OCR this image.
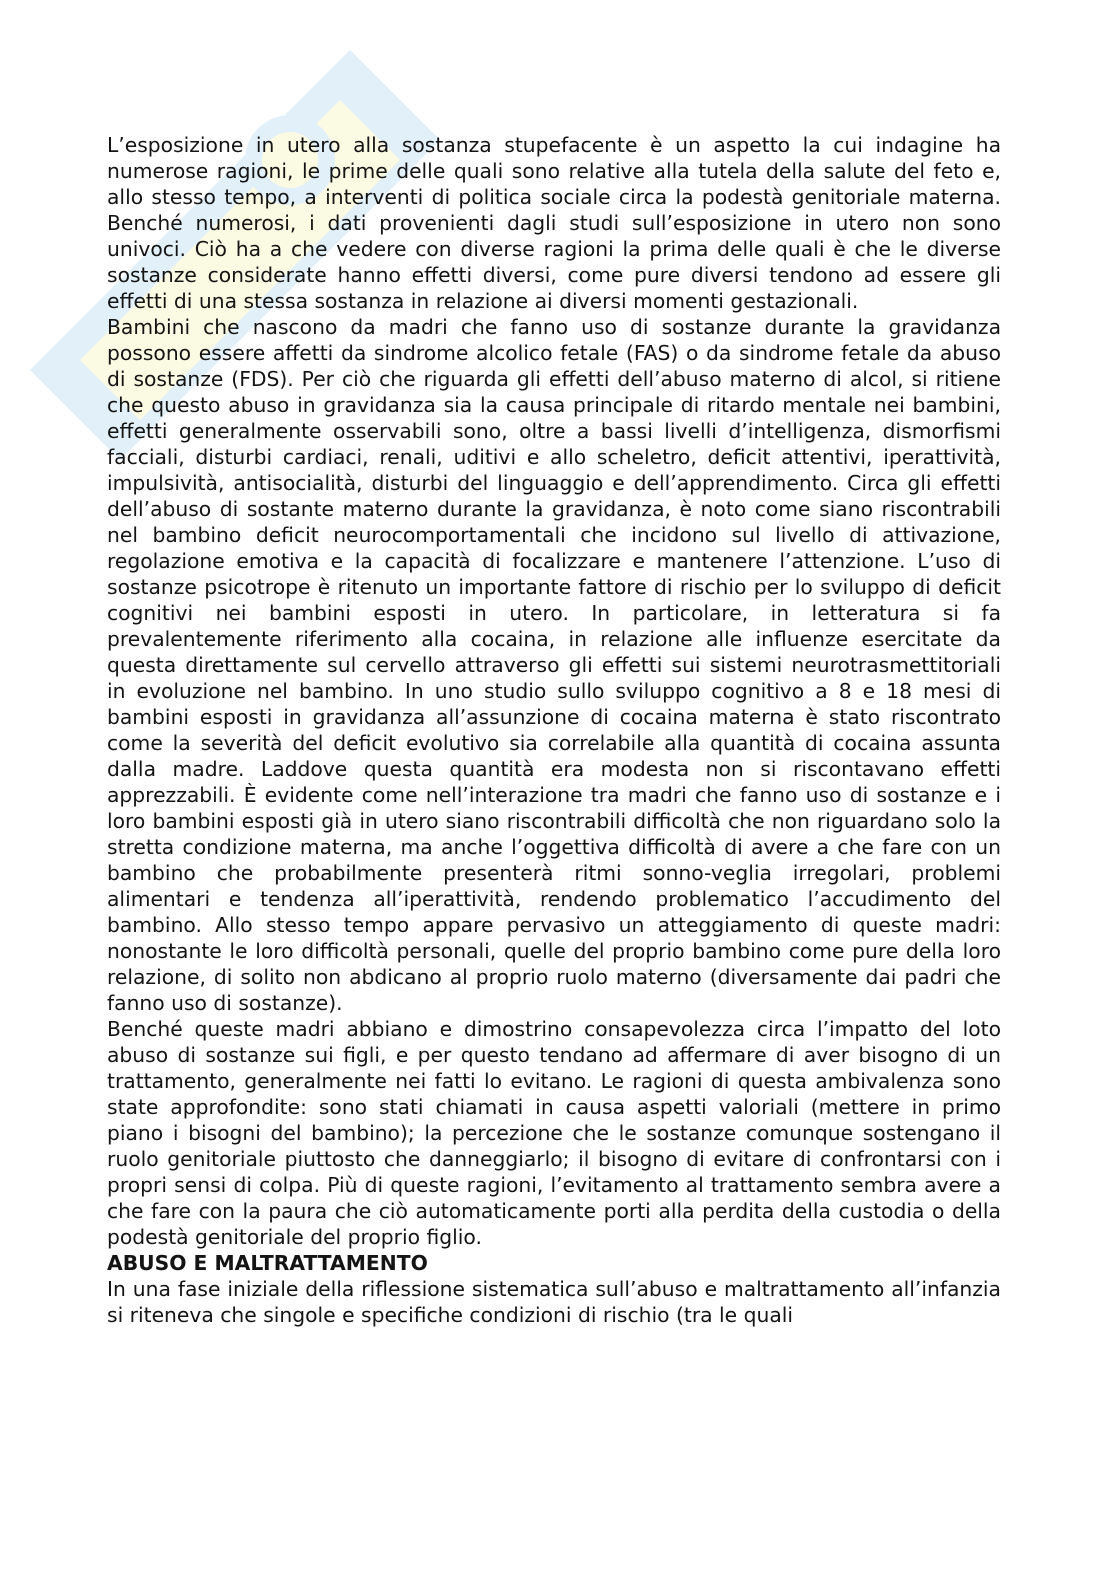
L’esposizione in utero alla sostanza stupefacente è un aspetto la cui indagine ha numerose ragioni, le prime delle quali sono relative alla tutela della salute del feto e, allo stesso tempo, a interventi di politica sociale circa la podestà genitoriale materna. Benché numerosi, i dati provenienti dagli studi sull’esposizione in utero non sono univoci. Ciò ha a che vedere con diverse ragioni la prima delle quali è che le diverse sostanze considerate hanno effetti diversi, come pure diversi tendono ad essere gli effetti di una stessa sostanza in relazione ai diversi momenti gestazionali.

Bambini che nascono da madri che fanno uso di sostanze durante la gravidanza possono essere affetti da sindrome alcolico fetale (FAS) o da sindrome fetale da abuso di sostanze (FDS). Per ciò che riguarda gli effetti dell’abuso materno di alcol, si ritiene che questo abuso in gravidanza sia la causa principale di ritardo mentale nei bambini, effetti generalmente osservabili sono, oltre a bassi livelli d’intelligenza, dismorfismi facciali, disturbi cardiaci, renali, uditivi e allo scheletro, deficit attentivi, iperattività, impulsività, antisocialità, disturbi del linguaggio e dell’apprendimento. Circa gli effetti dell’abuso di sostante materno durante la gravidanza, è noto come siano riscontrabili nel bambino deficit neurocomportamentali che incidono sul livello di attivazione, regolazione emotiva e la capacità di focalizzare e mantenere l’attenzione. L’uso di sostanze psicotrope è ritenuto un importante fattore di rischio per lo sviluppo di deficit cognitivi nei bambini esposti in utero. In particolare, in letteratura si fa prevalentemente riferimento alla cocaina, in relazione alle influenze esercitate da questa direttamente sul cervello attraverso gli effetti sui sistemi neurotrasmettitoriali in evoluzione nel bambino. In uno studio sullo sviluppo cognitivo a 8 e 18 mesi di bambini esposti in gravidanza all’assunzione di cocaina materna è stato riscontrato come la severità del deficit evolutivo sia correlabile alla quantità di cocaina assunta dalla madre. Laddove questa quantità era modesta non si riscontavano effetti apprezzabili. È evidente come nell’interazione tra madri che fanno uso di sostanze e i loro bambini esposti già in utero siano riscontrabili difficoltà che non riguardano solo la stretta condizione materna, ma anche l’oggettiva difficoltà di avere a che fare con un bambino che probabilmente presenterà ritmi sonno-veglia irregolari, problemi alimentari e tendenza all’iperattività, rendendo problematico l’accudimento del bambino. Allo stesso tempo appare pervasivo un atteggiamento di queste madri: nonostante le loro difficoltà personali, quelle del proprio bambino come pure della loro relazione, di solito non abdicano al proprio ruolo materno (diversamente dai padri che fanno uso di sostanze).

Benché queste madri abbiano e dimostrino consapevolezza circa l’impatto del loto abuso di sostanze sui figli, e per questo tendano ad affermare di aver bisogno di un trattamento, generalmente nei fatti lo evitano. Le ragioni di questa ambivalenza sono state approfondite: sono stati chiamati in causa aspetti valoriali (mettere in primo piano i bisogni del bambino); la percezione che le sostanze comunque sostengano il ruolo genitoriale piuttosto che danneggiarlo; il bisogno di evitare di confrontarsi con i propri sensi di colpa. Più di queste ragioni, l’evitamento al trattamento sembra avere a che fare con la paura che ciò automaticamente porti alla perdita della custodia o della podestà genitoriale del proprio figlio.

ABUSO E MALTRATTAMENTO

In una fase iniziale della riflessione sistematica sull’abuso e maltrattamento all’infanzia si riteneva che singole e specifiche condizioni di rischio (tra le quali
